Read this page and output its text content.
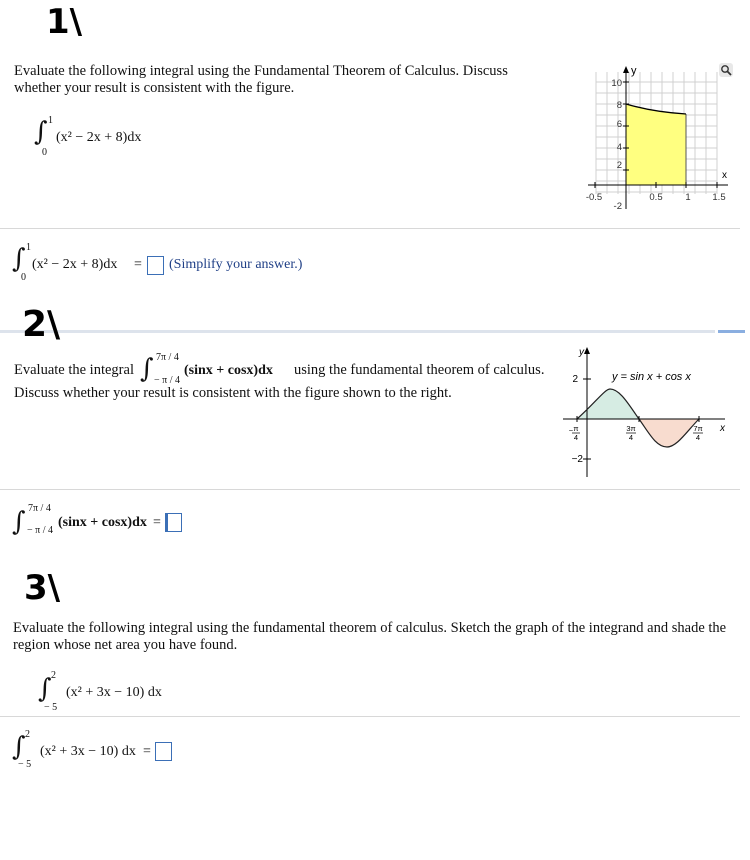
1\
Evaluate the following integral using the Fundamental Theorem of Calculus. Discuss whether your result is consistent with the figure.
∫ 1
0
(x² − 2x + 8)dx
y
x
10
8
6
4
2
-2
-0.5	0.5 1 1.5
∫ 1
0
(x² − 2x + 8)dx = (Simplify your answer.)
2\
Evaluate the integral ∫ 7π / 4
− π / 4
(sinx + cosx)dx using the fundamental theorem of calculus.
Discuss whether your result is consistent with the figure shown to the right.
y
x
2
−2
y = sin x + cos x
− π
4
3π
4
7π
4
∫ 7π / 4
− π / 4
(sinx + cosx)dx =
3\
Evaluate the following integral using the fundamental theorem of calculus. Sketch the graph of the integrand and shade the region whose net area you have found.
∫ 2
− 5
(x² + 3x − 10) dx
∫ 2
− 5
(x² + 3x − 10) dx =
